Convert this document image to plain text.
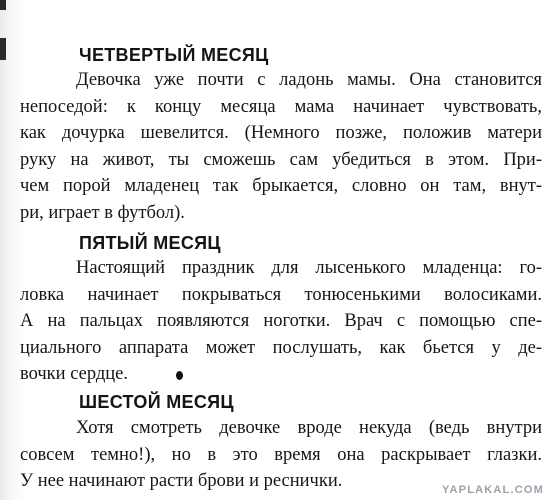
ЧЕТВЕРТЫЙ МЕСЯЦ

Девочка уже почти с ладонь мамы. Она становится
непоседой: к концу месяца мама начинает чувствовать,
как дочурка шевелится. (Немного позже, положив матери
руку на живот, ты сможешь сам убедиться в этом. При-
чем порой младенец так брыкается, словно он там, внут-
ри, играет в футбол).

ПЯТЫЙ МЕСЯЦ

Настоящий праздник для лысенького младенца: го-
ловка начинает покрываться тонюсенькими волосиками.
А на пальцах появляются ноготки. Врач с помощью спе-
циального аппарата может послушать, как бьется у де-
вочки сердце.

ШЕСТОЙ МЕСЯЦ

Хотя смотреть девочке вроде некуда (ведь внутри
совсем темно!), но в это время она раскрывает глазки.
У нее начинают расти брови и реснички.	YAPLAKAL.COM
